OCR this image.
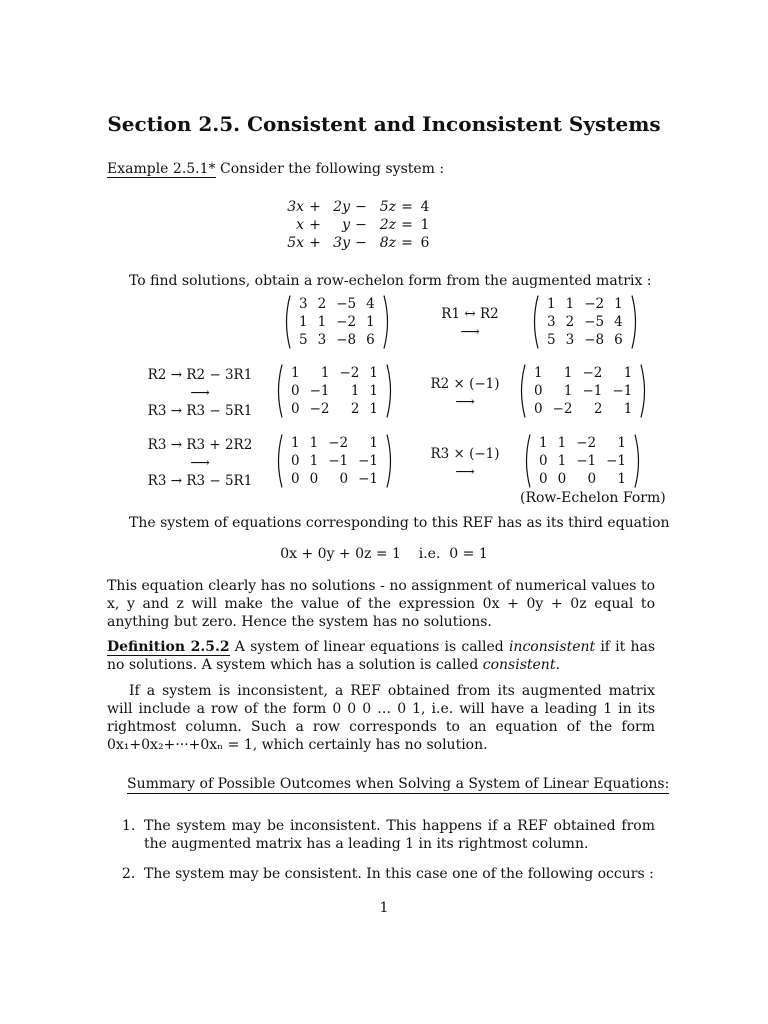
Section 2.5. Consistent and Inconsistent Systems
Example 2.5.1* Consider the following system :
3x + 2y − 5z = 4
x + y − 2z = 1
5x + 3y − 8z = 6
To find solutions, obtain a row-echelon form from the augmented matrix :
3 2 −5 4
1 1 −2 1
5 3 −8 6
R1 ↔ R2
⟶
1 1 −2 1
3 2 −5 4
5 3 −8 6
R2 → R2 − 3R1
⟶
R3 → R3 − 5R1
1	1 −2 1
0 −1	1 1
0 −2	2 1
R2 × (−1)
⟶
1	1 −2	1
0	1 −1 −1
0 −2	2	1
R3 → R3 + 2R2
⟶
R3 → R3 − 5R1
1 1 −2	1
0 1 −1 −1
0 0	0 −1
R3 × (−1)
⟶
1 1 −2	1
0 1 −1 −1
0 0	0	1
(Row-Echelon Form)
The system of equations corresponding to this REF has as its third equation
0x + 0y + 0z = 1    i.e.  0 = 1
This equation clearly has no solutions - no assignment of numerical values to x, y and z will make the value of the expression 0x + 0y + 0z equal to anything but zero. Hence the system has no solutions.
Definition 2.5.2 A system of linear equations is called inconsistent if it has no solutions. A system which has a solution is called consistent.
If a system is inconsistent, a REF obtained from its augmented matrix will include a row of the form 0 0 0 … 0 1, i.e. will have a leading 1 in its rightmost column. Such a row corresponds to an equation of the form 0x₁+0x₂+···+0xₙ = 1, which certainly has no solution.
Summary of Possible Outcomes when Solving a System of Linear Equations:
1. The system may be inconsistent. This happens if a REF obtained from the augmented matrix has a leading 1 in its rightmost column.
2. The system may be consistent. In this case one of the following occurs :
1
